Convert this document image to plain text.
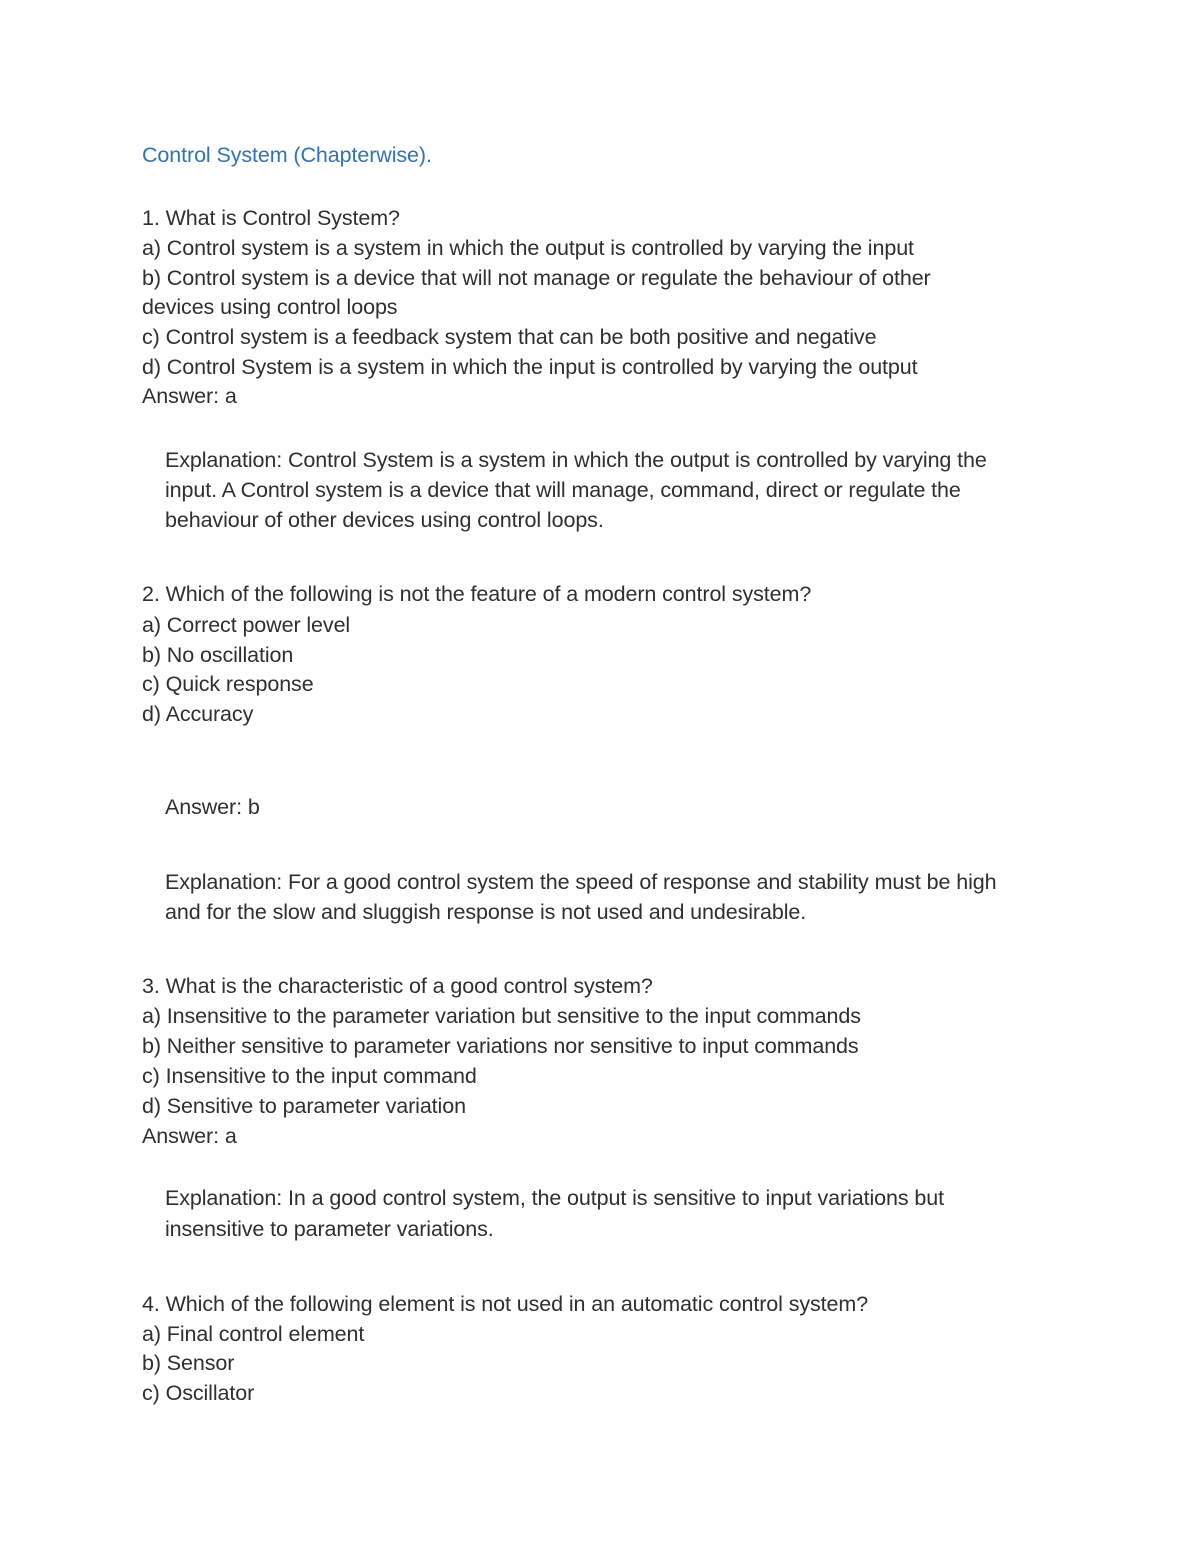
Control System (Chapterwise).
1. What is Control System?
a) Control system is a system in which the output is controlled by varying the input
b) Control system is a device that will not manage or regulate the behaviour of other
devices using control loops
c) Control system is a feedback system that can be both positive and negative
d) Control System is a system in which the input is controlled by varying the output
Answer: a
Explanation: Control System is a system in which the output is controlled by varying the
input. A Control system is a device that will manage, command, direct or regulate the
behaviour of other devices using control loops.
2. Which of the following is not the feature of a modern control system?
a) Correct power level
b) No oscillation
c) Quick response
d) Accuracy
Answer: b
Explanation: For a good control system the speed of response and stability must be high
and for the slow and sluggish response is not used and undesirable.
3. What is the characteristic of a good control system?
a) Insensitive to the parameter variation but sensitive to the input commands
b) Neither sensitive to parameter variations nor sensitive to input commands
c) Insensitive to the input command
d) Sensitive to parameter variation
Answer: a
Explanation: In a good control system, the output is sensitive to input variations but
insensitive to parameter variations.
4. Which of the following element is not used in an automatic control system?
a) Final control element
b) Sensor
c) Oscillator
